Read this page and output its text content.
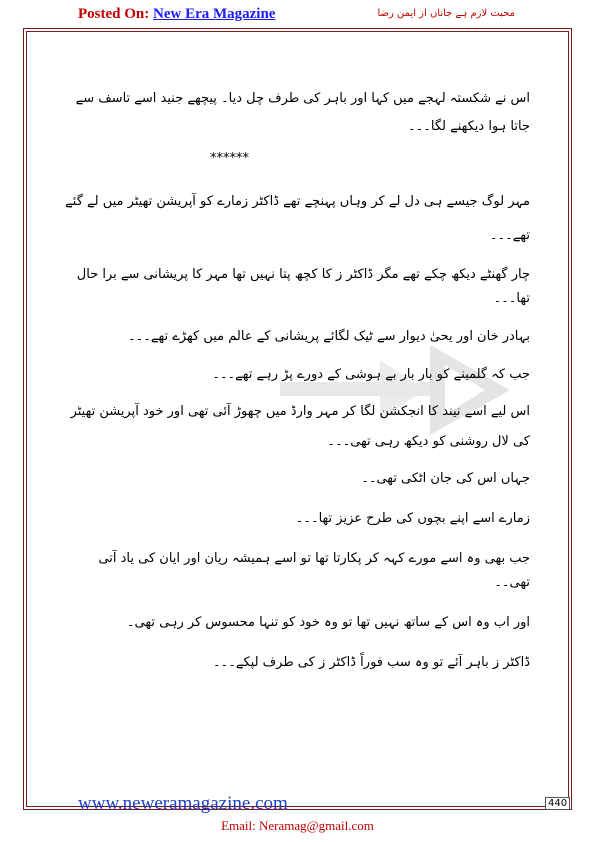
Posted On: New Era Magazine	محبت لازم ہے جاناں از ایمن رضا

اس نے شکستہ لہجے میں کہا اور باہر کی طرف چل دیا۔ پیچھے جنید اسے تاسف سے جاتا ہوا دیکھنے لگا۔۔۔

******

مہر لوگ جیسے ہی دل لے کر وہاں پہنچے تھے ڈاکٹر زمارے کو آپریشن تھیٹر میں لے گئے تھے۔۔۔

چار گھنٹے دیکھ چکے تھے مگر ڈاکٹر ز کا کچھ پتا نہیں تھا مہر کا پریشانی سے برا حال تھا۔۔۔

بہادر خان اور یحیٰ دیوار سے ٹیک لگائے پریشانی کے عالم میں کھڑے تھے۔۔۔

جب کہ گلمینے کو بار بار بے ہوشی کے دورے پڑ رہے تھے۔۔۔

اس لیے اسے نیند کا انجکشن لگا کر مہر وارڈ میں چھوڑ آئی تھی اور خود آپریشن تھیٹر کی لال روشنی کو دیکھ رہی تھی۔۔۔

جہاں اس کی جان اٹکی تھی۔۔

زمارے اسے اپنے بچوں کی طرح عزیز تھا۔۔۔

جب بھی وہ اسے مورے کہہ کر پکارتا تھا تو اسے ہمیشہ ریان اور ایان کی یاد آتی تھی۔۔

اور اب وہ اس کے ساتھ نہیں تھا تو وہ خود کو تنہا محسوس کر رہی تھی۔

ڈاکٹر ز باہر آئے تو وہ سب فوراً ڈاکٹر ز کی طرف لپکے۔۔۔

www.neweramagazine.com	440
Email: Neramag@gmail.com
